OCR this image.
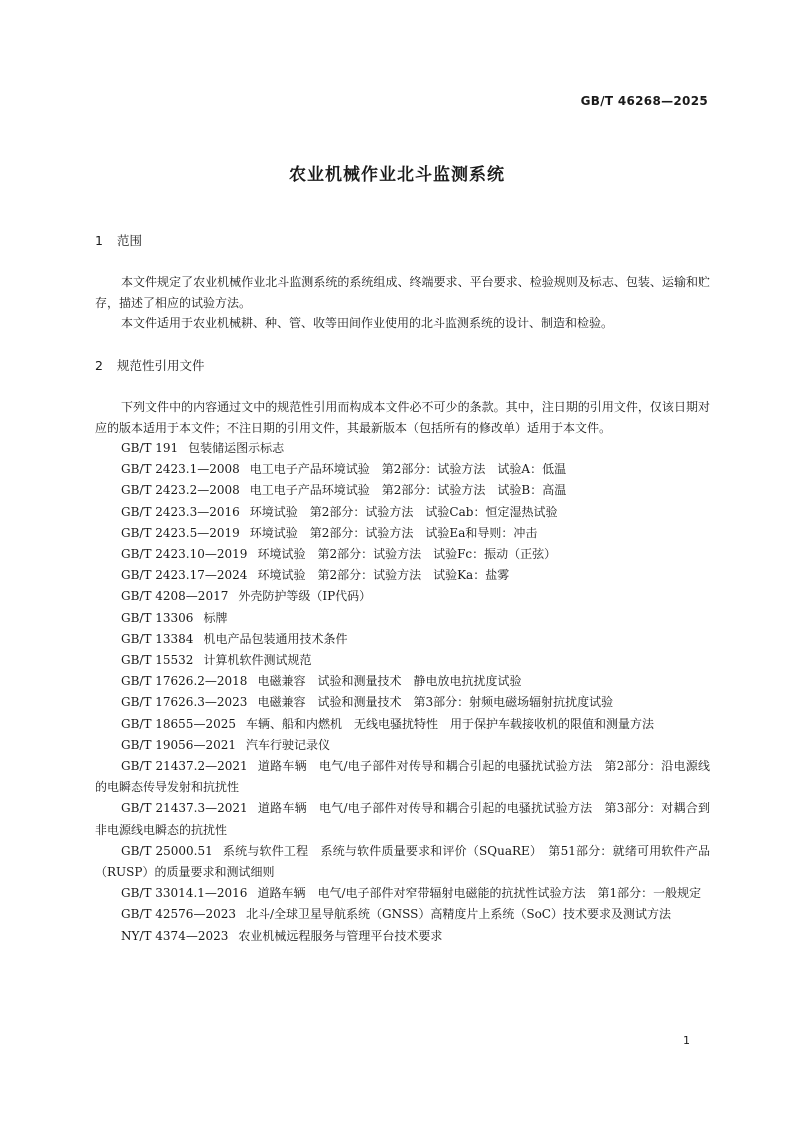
GB/T 46268—2025
农业机械作业北斗监测系统

1 范围

本文件规定了农业机械作业北斗监测系统的系统组成、终端要求、平台要求、检验规则及标志、包装、运输和贮存，描述了相应的试验方法。

本文件适用于农业机械耕、种、管、收等田间作业使用的北斗监测系统的设计、制造和检验。

2 规范性引用文件

下列文件中的内容通过文中的规范性引用而构成本文件必不可少的条款。其中，注日期的引用文件，仅该日期对应的版本适用于本文件；不注日期的引用文件，其最新版本（包括所有的修改单）适用于本文件。

GB/T 191 包装储运图示标志
GB/T 2423.1—2008 电工电子产品环境试验　第2部分：试验方法　试验A：低温
GB/T 2423.2—2008 电工电子产品环境试验　第2部分：试验方法　试验B：高温
GB/T 2423.3—2016 环境试验　第2部分：试验方法　试验Cab：恒定湿热试验
GB/T 2423.5—2019 环境试验　第2部分：试验方法　试验Ea和导则：冲击
GB/T 2423.10—2019 环境试验　第2部分：试验方法　试验Fc：振动（正弦）
GB/T 2423.17—2024 环境试验　第2部分：试验方法　试验Ka：盐雾
GB/T 4208—2017 外壳防护等级（IP代码）
GB/T 13306 标牌
GB/T 13384 机电产品包装通用技术条件
GB/T 15532 计算机软件测试规范
GB/T 17626.2—2018 电磁兼容　试验和测量技术　静电放电抗扰度试验
GB/T 17626.3—2023 电磁兼容　试验和测量技术　第3部分：射频电磁场辐射抗扰度试验
GB/T 18655—2025 车辆、船和内燃机　无线电骚扰特性　用于保护车载接收机的限值和测量方法
GB/T 19056—2021 汽车行驶记录仪
GB/T 21437.2—2021 道路车辆　电气/电子部件对传导和耦合引起的电骚扰试验方法　第2部分：沿电源线的电瞬态传导发射和抗扰性
GB/T 21437.3—2021 道路车辆　电气/电子部件对传导和耦合引起的电骚扰试验方法　第3部分：对耦合到非电源线电瞬态的抗扰性
GB/T 25000.51 系统与软件工程　系统与软件质量要求和评价（SQuaRE）　第51部分：就绪可用软件产品（RUSP）的质量要求和测试细则
GB/T 33014.1—2016 道路车辆　电气/电子部件对窄带辐射电磁能的抗扰性试验方法　第1部分：一般规定
GB/T 42576—2023 北斗/全球卫星导航系统（GNSS）高精度片上系统（SoC）技术要求及测试方法
NY/T 4374—2023 农业机械远程服务与管理平台技术要求
1
